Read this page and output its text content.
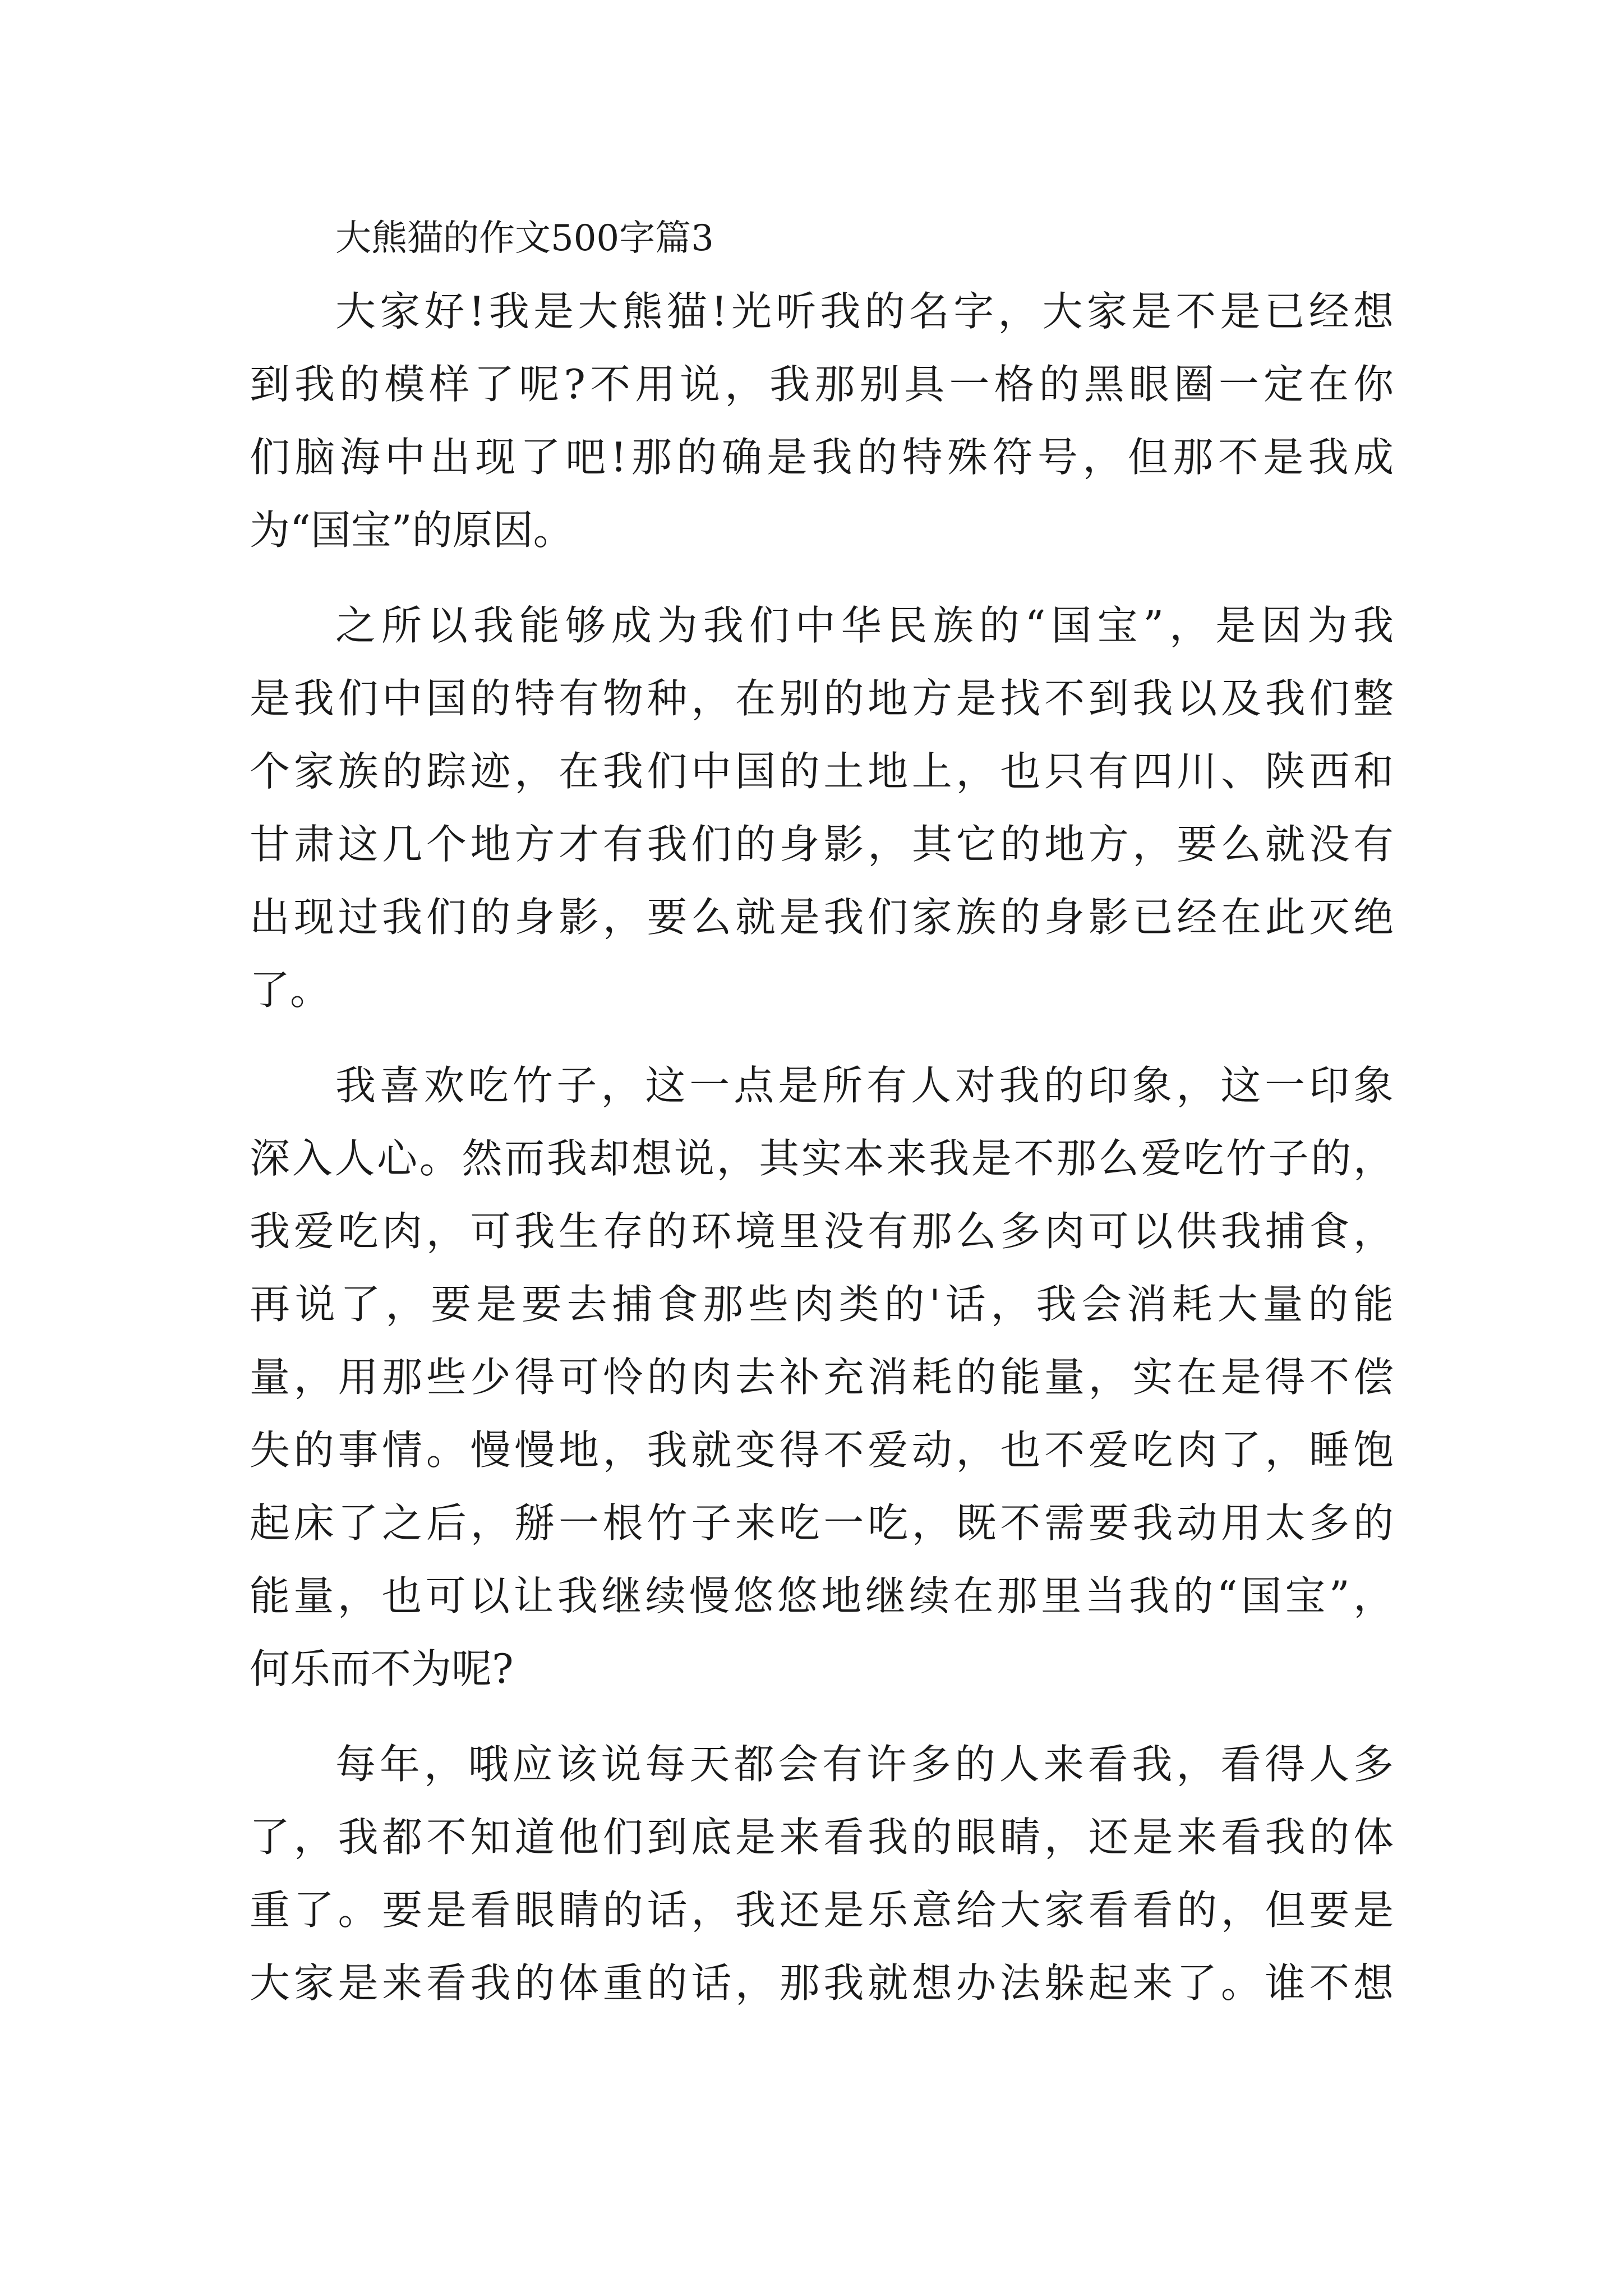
大熊猫的作文500字篇3
大家好!我是大熊猫!光听我的名字，大家是不是已经想
到我的模样了呢?不用说，我那别具一格的黑眼圈一定在你
们脑海中出现了吧!那的确是我的特殊符号，但那不是我成
为“国宝”的原因。
之所以我能够成为我们中华民族的“国宝”，是因为我
是我们中国的特有物种，在别的地方是找不到我以及我们整
个家族的踪迹，在我们中国的土地上，也只有四川、陕西和
甘肃这几个地方才有我们的身影，其它的地方，要么就没有
出现过我们的身影，要么就是我们家族的身影已经在此灭绝
了。
我喜欢吃竹子，这一点是所有人对我的印象，这一印象
深入人心。然而我却想说，其实本来我是不那么爱吃竹子的，
我爱吃肉，可我生存的环境里没有那么多肉可以供我捕食，
再说了，要是要去捕食那些肉类的'话，我会消耗大量的能
量，用那些少得可怜的肉去补充消耗的能量，实在是得不偿
失的事情。慢慢地，我就变得不爱动，也不爱吃肉了，睡饱
起床了之后，掰一根竹子来吃一吃，既不需要我动用太多的
能量，也可以让我继续慢悠悠地继续在那里当我的“国宝”，
何乐而不为呢?
每年，哦应该说每天都会有许多的人来看我，看得人多
了，我都不知道他们到底是来看我的眼睛，还是来看我的体
重了。要是看眼睛的话，我还是乐意给大家看看的，但要是
大家是来看我的体重的话，那我就想办法躲起来了。谁不想
